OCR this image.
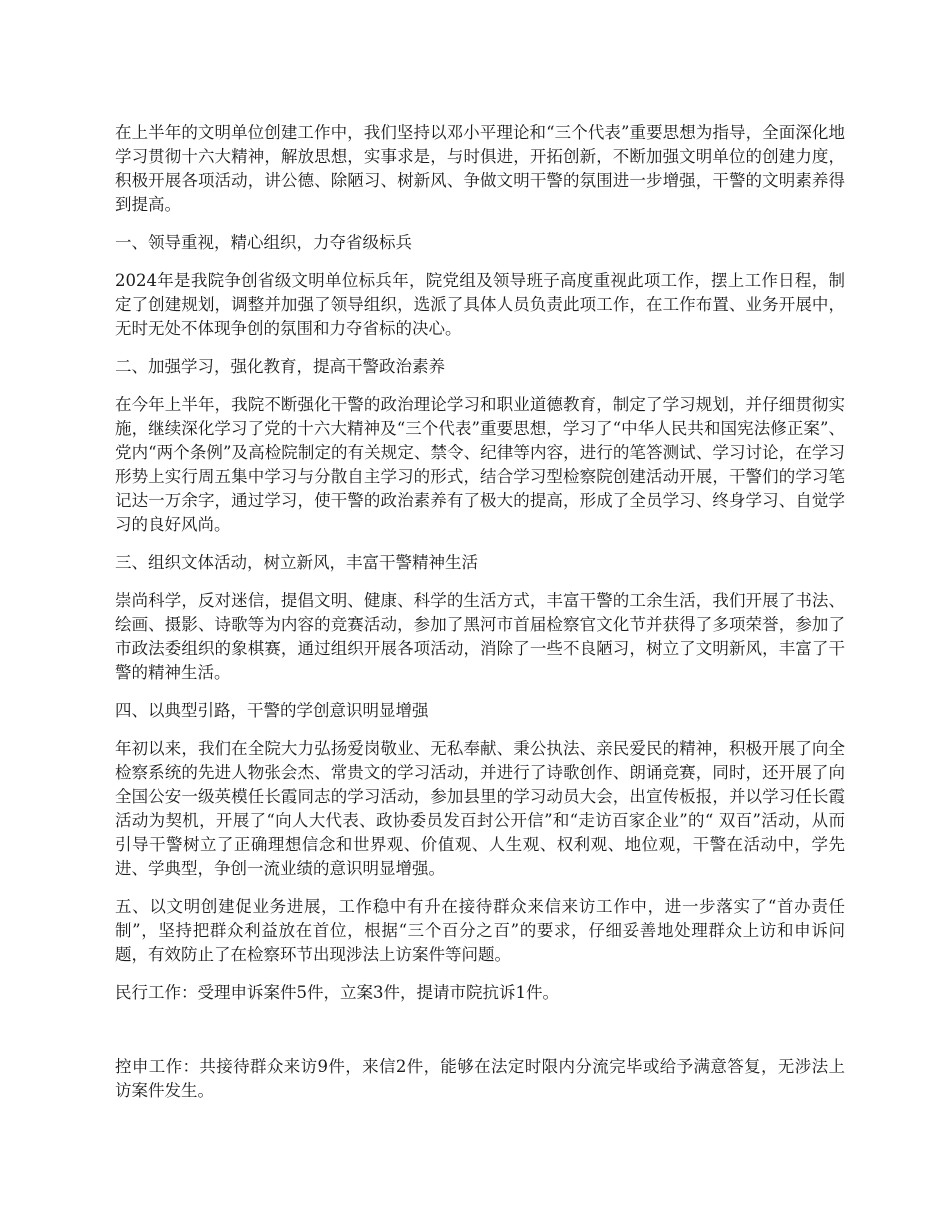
在上半年的文明单位创建工作中，我们坚持以邓小平理论和“三个代表”重要思想为指导，全面深化地学习贯彻十六大精神，解放思想，实事求是，与时俱进，开拓创新，不断加强文明单位的创建力度，积极开展各项活动，讲公德、除陋习、树新风、争做文明干警的氛围进一步增强，干警的文明素养得到提高。

一、领导重视，精心组织，力夺省级标兵

2024年是我院争创省级文明单位标兵年，院党组及领导班子高度重视此项工作，摆上工作日程，制定了创建规划，调整并加强了领导组织，选派了具体人员负责此项工作，在工作布置、业务开展中，无时无处不体现争创的氛围和力夺省标的决心。

二、加强学习，强化教育，提高干警政治素养

在今年上半年，我院不断强化干警的政治理论学习和职业道德教育，制定了学习规划，并仔细贯彻实施，继续深化学习了党的十六大精神及“三个代表”重要思想，学习了“中华人民共和国宪法修正案”、党内“两个条例”及高检院制定的有关规定、禁令、纪律等内容，进行的笔答测试、学习讨论，在学习形势上实行周五集中学习与分散自主学习的形式，结合学习型检察院创建活动开展，干警们的学习笔记达一万余字，通过学习，使干警的政治素养有了极大的提高，形成了全员学习、终身学习、自觉学习的良好风尚。

三、组织文体活动，树立新风，丰富干警精神生活

崇尚科学，反对迷信，提倡文明、健康、科学的生活方式，丰富干警的工余生活，我们开展了书法、绘画、摄影、诗歌等为内容的竞赛活动，参加了黑河市首届检察官文化节并获得了多项荣誉，参加了市政法委组织的象棋赛，通过组织开展各项活动，消除了一些不良陋习，树立了文明新风，丰富了干警的精神生活。

四、以典型引路，干警的学创意识明显增强

年初以来，我们在全院大力弘扬爱岗敬业、无私奉献、秉公执法、亲民爱民的精神，积极开展了向全检察系统的先进人物张会杰、常贵文的学习活动，并进行了诗歌创作、朗诵竞赛，同时，还开展了向全国公安一级英模任长霞同志的学习活动，参加县里的学习动员大会，出宣传板报，并以学习任长霞活动为契机，开展了“向人大代表、政协委员发百封公开信”和“走访百家企业”的“ 双百”活动，从而引导干警树立了正确理想信念和世界观、价值观、人生观、权利观、地位观，干警在活动中，学先进、学典型，争创一流业绩的意识明显增强。

五、以文明创建促业务进展，工作稳中有升在接待群众来信来访工作中，进一步落实了“首办责任制”，坚持把群众利益放在首位，根据“三个百分之百”的要求，仔细妥善地处理群众上访和申诉问题，有效防止了在检察环节出现涉法上访案件等问题。

民行工作：受理申诉案件5件，立案3件，提请市院抗诉1件。

控申工作：共接待群众来访9件，来信2件，能够在法定时限内分流完毕或给予满意答复，无涉法上访案件发生。
